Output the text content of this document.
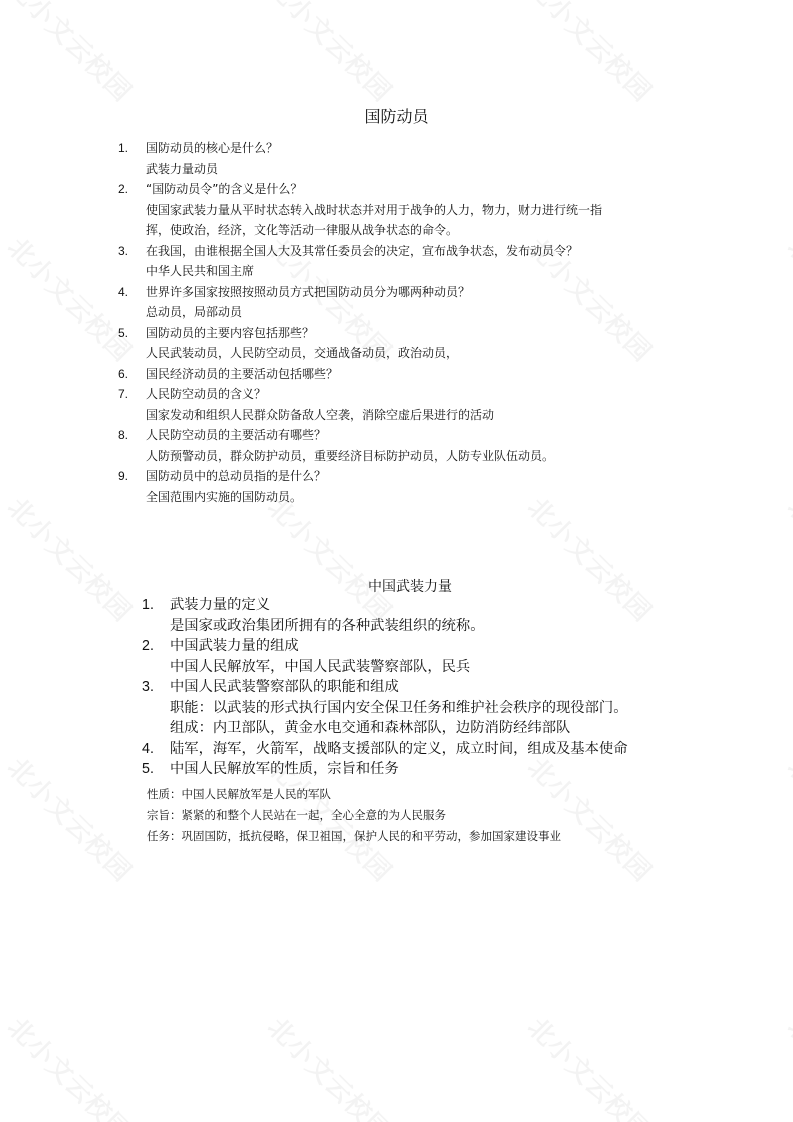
国防动员
1.	国防动员的核心是什么？
武装力量动员
2.	“国防动员令”的含义是什么？
使国家武装力量从平时状态转入战时状态并对用于战争的人力，物力，财力进行统一指
挥，使政治，经济，文化等活动一律服从战争状态的命令。
3.	在我国，由谁根据全国人大及其常任委员会的决定，宣布战争状态，发布动员令？
中华人民共和国主席
4.	世界许多国家按照按照动员方式把国防动员分为哪两种动员？
总动员，局部动员
5.	国防动员的主要内容包括那些？
人民武装动员，人民防空动员，交通战备动员，政治动员，
6.	国民经济动员的主要活动包括哪些？
7.	人民防空动员的含义？
国家发动和组织人民群众防备敌人空袭，消除空虚后果进行的活动
8.	人民防空动员的主要活动有哪些？
人防预警动员，群众防护动员，重要经济目标防护动员，人防专业队伍动员。
9.	国防动员中的总动员指的是什么？
全国范围内实施的国防动员。
中国武装力量
1.	武装力量的定义
是国家或政治集团所拥有的各种武装组织的统称。
2.	中国武装力量的组成
中国人民解放军，中国人民武装警察部队，民兵
3.	中国人民武装警察部队的职能和组成
职能：以武装的形式执行国内安全保卫任务和维护社会秩序的现役部门。
组成：内卫部队，黄金水电交通和森林部队，边防消防经纬部队
4.	陆军，海军，火箭军，战略支援部队的定义，成立时间，组成及基本使命
5.	中国人民解放军的性质，宗旨和任务
性质：中国人民解放军是人民的军队
宗旨：紧紧的和整个人民站在一起，全心全意的为人民服务
任务：巩固国防，抵抗侵略，保卫祖国，保护人民的和平劳动，参加国家建设事业
